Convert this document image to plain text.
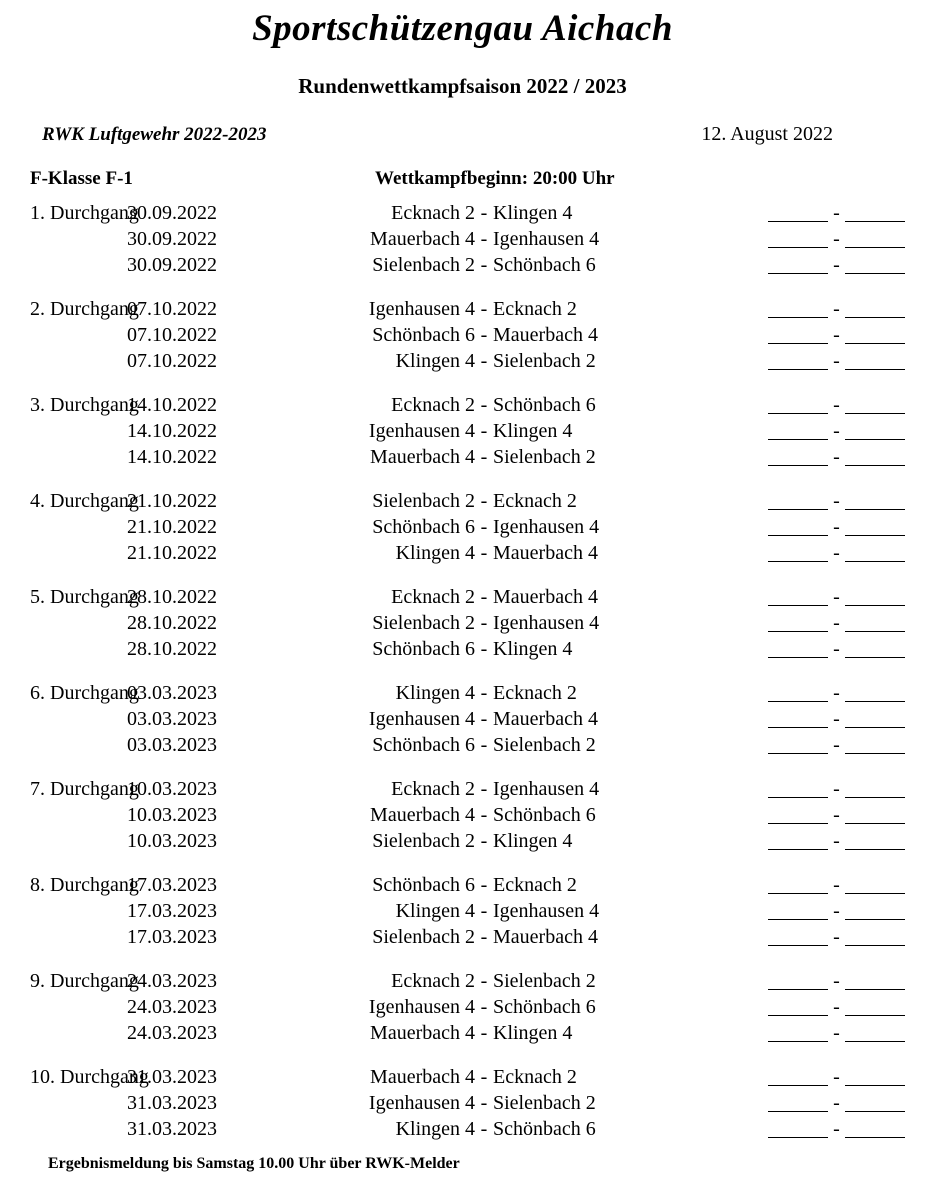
Sportschützengau Aichach
Rundenwettkampfsaison 2022 / 2023
RWK Luftgewehr 2022-2023	12. August 2022
F-Klasse F-1	Wettkampfbeginn: 20:00 Uhr
1. Durchgang
30.09.2022	Ecknach 2 - Klingen 4	-
30.09.2022	Mauerbach 4 - Igenhausen 4	-
30.09.2022	Sielenbach 2 - Schönbach 6	-
2. Durchgang
07.10.2022	Igenhausen 4 - Ecknach 2	-
07.10.2022	Schönbach 6 - Mauerbach 4	-
07.10.2022	Klingen 4 - Sielenbach 2	-
3. Durchgang
14.10.2022	Ecknach 2 - Schönbach 6	-
14.10.2022	Igenhausen 4 - Klingen 4	-
14.10.2022	Mauerbach 4 - Sielenbach 2	-
4. Durchgang
21.10.2022	Sielenbach 2 - Ecknach 2	-
21.10.2022	Schönbach 6 - Igenhausen 4	-
21.10.2022	Klingen 4 - Mauerbach 4	-
5. Durchgang
28.10.2022	Ecknach 2 - Mauerbach 4	-
28.10.2022	Sielenbach 2 - Igenhausen 4	-
28.10.2022	Schönbach 6 - Klingen 4	-
6. Durchgang
03.03.2023	Klingen 4 - Ecknach 2	-
03.03.2023	Igenhausen 4 - Mauerbach 4	-
03.03.2023	Schönbach 6 - Sielenbach 2	-
7. Durchgang
10.03.2023	Ecknach 2 - Igenhausen 4	-
10.03.2023	Mauerbach 4 - Schönbach 6	-
10.03.2023	Sielenbach 2 - Klingen 4	-
8. Durchgang
17.03.2023	Schönbach 6 - Ecknach 2	-
17.03.2023	Klingen 4 - Igenhausen 4	-
17.03.2023	Sielenbach 2 - Mauerbach 4	-
9. Durchgang
24.03.2023	Ecknach 2 - Sielenbach 2	-
24.03.2023	Igenhausen 4 - Schönbach 6	-
24.03.2023	Mauerbach 4 - Klingen 4	-
10. Durchgang
31.03.2023	Mauerbach 4 - Ecknach 2	-
31.03.2023	Igenhausen 4 - Sielenbach 2	-
31.03.2023	Klingen 4 - Schönbach 6	-
Ergebnismeldung bis Samstag 10.00 Uhr über RWK-Melder
